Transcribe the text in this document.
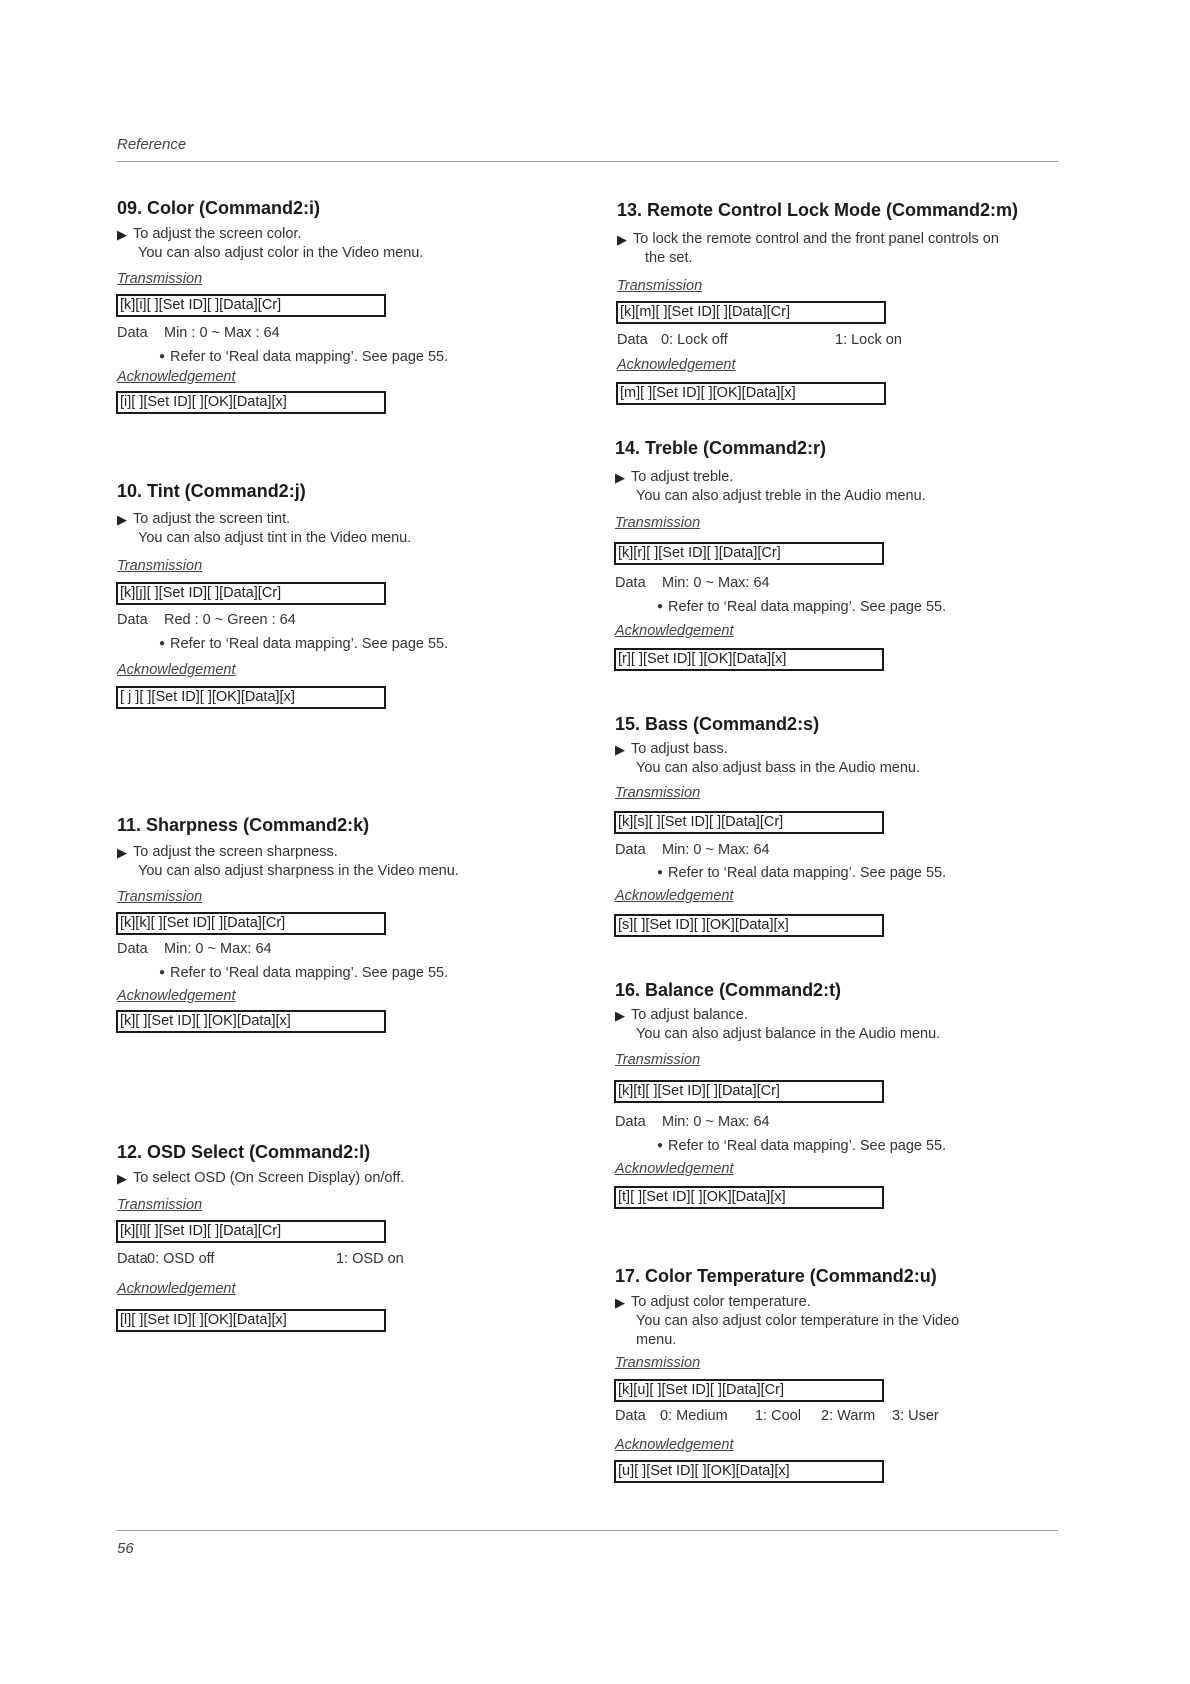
Reference
09. Color (Command2:i)
▶ To adjust the screen color.
You can also adjust color in the Video menu.
Transmission
[k][i][ ][Set ID][ ][Data][Cr]
Data Min : 0 ~ Max : 64
● Refer to ‘Real data mapping’. See page 55.
Acknowledgement
[i][ ][Set ID][ ][OK][Data][x]
10. Tint (Command2:j)
▶ To adjust the screen tint.
You can also adjust tint in the Video menu.
Transmission
[k][j][ ][Set ID][ ][Data][Cr]
Data Red : 0 ~ Green : 64
● Refer to ‘Real data mapping’. See page 55.
Acknowledgement
[ j ][ ][Set ID][ ][OK][Data][x]
11. Sharpness (Command2:k)
▶ To adjust the screen sharpness.
You can also adjust sharpness in the Video menu.
Transmission
[k][k][ ][Set ID][ ][Data][Cr]
Data Min: 0 ~ Max: 64
● Refer to ‘Real data mapping’. See page 55.
Acknowledgement
[k][ ][Set ID][ ][OK][Data][x]
12. OSD Select (Command2:l)
▶ To select OSD (On Screen Display) on/off.
Transmission
[k][l][ ][Set ID][ ][Data][Cr]
Data 0: OSD off	1: OSD on
Acknowledgement
[l][ ][Set ID][ ][OK][Data][x]
13. Remote Control Lock Mode (Command2:m)
▶ To lock the remote control and the front panel controls on
the set.
Transmission
[k][m][ ][Set ID][ ][Data][Cr]
Data 0: Lock off	1: Lock on
Acknowledgement
[m][ ][Set ID][ ][OK][Data][x]
14. Treble (Command2:r)
▶ To adjust treble.
You can also adjust treble in the Audio menu.
Transmission
[k][r][ ][Set ID][ ][Data][Cr]
Data Min: 0 ~ Max: 64
● Refer to ‘Real data mapping’. See page 55.
Acknowledgement
[r][ ][Set ID][ ][OK][Data][x]
15. Bass (Command2:s)
▶ To adjust bass.
You can also adjust bass in the Audio menu.
Transmission
[k][s][ ][Set ID][ ][Data][Cr]
Data Min: 0 ~ Max: 64
● Refer to ‘Real data mapping’. See page 55.
Acknowledgement
[s][ ][Set ID][ ][OK][Data][x]
16. Balance (Command2:t)
▶ To adjust balance.
You can also adjust balance in the Audio menu.
Transmission
[k][t][ ][Set ID][ ][Data][Cr]
Data Min: 0 ~ Max: 64
● Refer to ‘Real data mapping’. See page 55.
Acknowledgement
[t][ ][Set ID][ ][OK][Data][x]
17. Color Temperature (Command2:u)
▶ To adjust color temperature.
You can also adjust color temperature in the Video
menu.
Transmission
[k][u][ ][Set ID][ ][Data][Cr]
Data 0: Medium 1: Cool 2: Warm 3: User
Acknowledgement
[u][ ][Set ID][ ][OK][Data][x]
56
